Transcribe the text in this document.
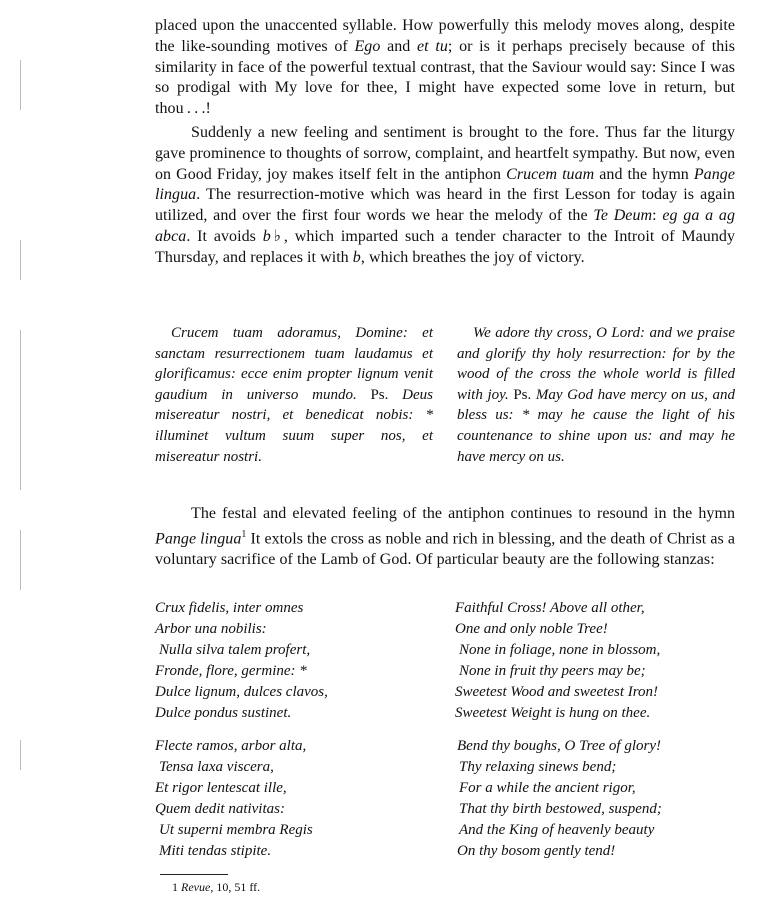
placed upon the unaccented syllable. How powerfully this melody moves along, despite the like-sounding motives of Ego and et tu; or is it perhaps precisely because of this similarity in face of the powerful textual contrast, that the Saviour would say: Since I was so prodigal with My love for thee, I might have expected some love in return, but thou . . .!

Suddenly a new feeling and sentiment is brought to the fore. Thus far the liturgy gave prominence to thoughts of sorrow, complaint, and heartfelt sympathy. But now, even on Good Friday, joy makes itself felt in the antiphon Crucem tuam and the hymn Pange lingua. The resurrection-motive which was heard in the first Lesson for today is again utilized, and over the first four words we hear the melody of the Te Deum: eg ga a ag abca. It avoids b♭, which imparted such a tender character to the Introit of Maundy Thursday, and replaces it with b, which breathes the joy of victory.

Crucem tuam adoramus, Domine: et sanctam resurrectionem tuam laudamus et glorificamus: ecce enim propter lignum venit gaudium in universo mundo. Ps. Deus misereatur nostri, et benedicat nobis: * illuminet vultum suum super nos, et misereatur nostri.

We adore thy cross, O Lord: and we praise and glorify thy holy resurrection: for by the wood of the cross the whole world is filled with joy. Ps. May God have mercy on us, and bless us: * may he cause the light of his countenance to shine upon us: and may he have mercy on us.

The festal and elevated feeling of the antiphon continues to resound in the hymn Pange lingua$^1$ It extols the cross as noble and rich in blessing, and the death of Christ as a voluntary sacrifice of the Lamb of God. Of particular beauty are the following stanzas:

Crux fidelis, inter omnes
Arbor una nobilis:
Nulla silva talem profert,
Fronde, flore, germine: *
Dulce lignum, dulces clavos,
Dulce pondus sustinet.
Faithful Cross! Above all other,
One and only noble Tree!
None in foliage, none in blossom,
None in fruit thy peers may be;
Sweetest Wood and sweetest Iron!
Sweetest Weight is hung on thee.
Flecte ramos, arbor alta,
Tensa laxa viscera,
Et rigor lentescat ille,
Quem dedit nativitas:
Ut superni membra Regis
Miti tendas stipite.
Bend thy boughs, O Tree of glory!
Thy relaxing sinews bend;
For a while the ancient rigor,
That thy birth bestowed, suspend;
And the King of heavenly beauty
On thy bosom gently tend!
1 Revue, 10, 51 ff.
